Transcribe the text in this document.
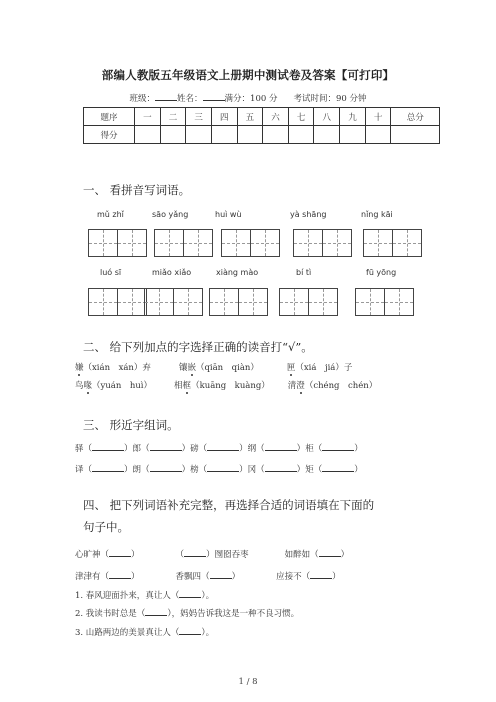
部编人教版五年级语文上册期中测试卷及答案【可打印】
班级：	姓名：	满分：100 分 考试时间：90 分钟
题序	一	二	三	四	五	六	七	八	九	十	总分
得分											
一、 看拼音写词语。
mǔ zhǐ	sāo yǎng	huì wù	yà shāng	nǐng kāi
luó sī	miǎo xiǎo	xiàng mào	bí tì	fū yōng
二、 给下列加点的字选择正确的读音打“√”。
嫌（xián　xán）弃	镶嵌（qiān　qiàn）	匣（xiá　jiá）子
鸟喙（yuán　huì）	相框（kuāng　kuàng） 清澄（chéng　chén）
三、 形近字组词。
驿（	）郎（	）磅（	）纲（	）柜（	）
译（	）朗（	）榜（	）冈（	）矩（	）
四、 把下列词语补充完整，再选择合适的词语填在下面的
句子中。
心旷神（	）	（	）囫囵吞枣	如醉如（	）
津津有（	）	香飘四（	）	应接不（	）
1. 春风迎面扑来，真让人（	）。
2. 我读书时总是（	），妈妈告诉我这是一种不良习惯。
3. 山路两边的美景真让人（	）。
1 / 8
